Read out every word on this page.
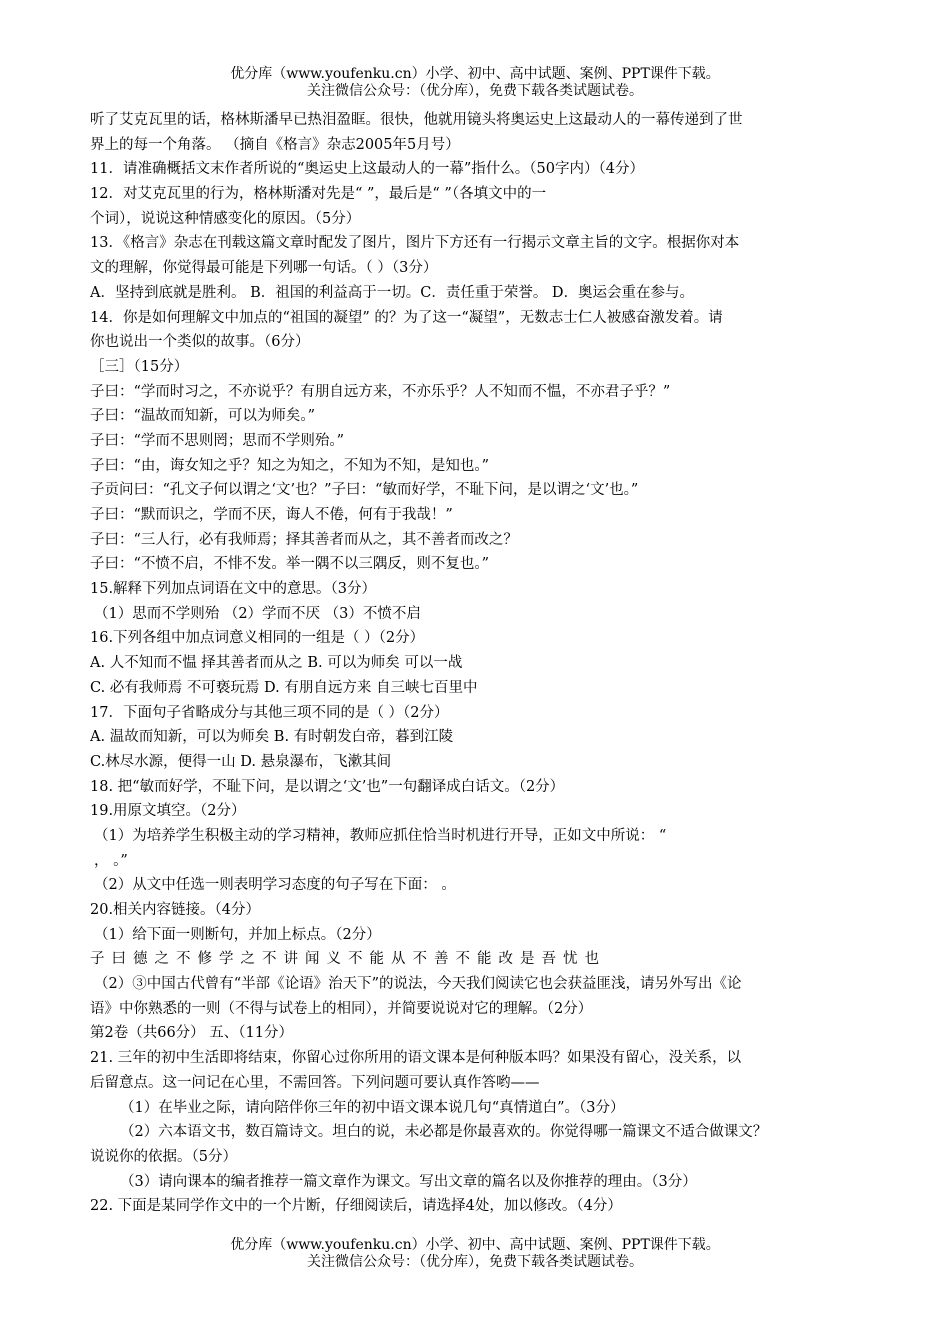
优分库（www.youfenku.cn）小学、初中、高中试题、案例、PPT课件下载。
关注微信公众号：（优分库），免费下载各类试题试卷。
听了艾克瓦里的话，格林斯潘早已热泪盈眶。很快，他就用镜头将奥运史上这最动人的一幕传递到了世
界上的每一个角落。 （摘自《格言》杂志2005年5月号）
11．请准确概括文末作者所说的“奥运史上这最动人的一幕”指什么。（50字内）（4分）
12．对艾克瓦里的行为，格林斯潘对先是“ ”，最后是“ ”（各填文中的一
个词），说说这种情感变化的原因。（5分）
13．《格言》杂志在刊载这篇文章时配发了图片，图片下方还有一行揭示文章主旨的文字。根据你对本
文的理解，你觉得最可能是下列哪一句话。（ ）（3分）
A．坚持到底就是胜利。 B．祖国的利益高于一切。C．责任重于荣誉。 D．奥运会重在参与。
14．你是如何理解文中加点的“祖国的凝望” 的？为了这一“凝望”，无数志士仁人被感奋激发着。请
你也说出一个类似的故事。（6分）
［三］（15分）
子曰：“学而时习之，不亦说乎？有朋自远方来，不亦乐乎？人不知而不愠，不亦君子乎？”
子曰：“温故而知新，可以为师矣。”
子曰：“学而不思则罔；思而不学则殆。”
子曰：“由，诲女知之乎？知之为知之，不知为不知，是知也。”
子贡问曰：“孔文子何以谓之‘文’也？”子曰：“敏而好学，不耻下问，是以谓之‘文’也。”
子曰：“默而识之，学而不厌，诲人不倦，何有于我哉！”
子曰：“三人行，必有我师焉；择其善者而从之，其不善者而改之？
子曰：“不愤不启，不悱不发。举一隅不以三隅反，则不复也。”
15.解释下列加点词语在文中的意思。（3分）
（1）思而不学则殆 （2）学而不厌 （3）不愤不启
16.下列各组中加点词意义相同的一组是（ ）（2分）
A. 人不知而不愠 择其善者而从之 B. 可以为师矣 可以一战
C. 必有我师焉 不可亵玩焉 D. 有朋自远方来 自三峡七百里中
17．下面句子省略成分与其他三项不同的是（ ）（2分）
A. 温故而知新，可以为师矣 B. 有时朝发白帝，暮到江陵
C.林尽水源，便得一山 D. 悬泉瀑布，飞漱其间
18. 把“敏而好学，不耻下问，是以谓之‘文’也”一句翻译成白话文。（2分）
19.用原文填空。（2分）
（1）为培养学生积极主动的学习精神，教师应抓住恰当时机进行开导，正如文中所说： “
， 。”
（2）从文中任选一则表明学习态度的句子写在下面： 。
20.相关内容链接。（4分）
（1）给下面一则断句，并加上标点。（2分）
子曰德之不修学之不讲闻义不能从不善不能改是吾忧也
（2）③中国古代曾有“半部《论语》治天下”的说法，今天我们阅读它也会获益匪浅，请另外写出《论
语》中你熟悉的一则（不得与试卷上的相同），并简要说说对它的理解。（2分）
第2卷（共66分） 五、（11分）
21. 三年的初中生活即将结束，你留心过你所用的语文课本是何种版本吗？如果没有留心，没关系，以
后留意点。这一问记在心里，不需回答。下列问题可要认真作答哟——
（1）在毕业之际，请向陪伴你三年的初中语文课本说几句“真情道白”。（3分）
（2）六本语文书，数百篇诗文。坦白的说，未必都是你最喜欢的。你觉得哪一篇课文不适合做课文？
说说你的依据。（5分）
（3）请向课本的编者推荐一篇文章作为课文。写出文章的篇名以及你推荐的理由。（3分）
22. 下面是某同学作文中的一个片断，仔细阅读后，请选择4处，加以修改。（4分）
优分库（www.youfenku.cn）小学、初中、高中试题、案例、PPT课件下载。
关注微信公众号：（优分库），免费下载各类试题试卷。
